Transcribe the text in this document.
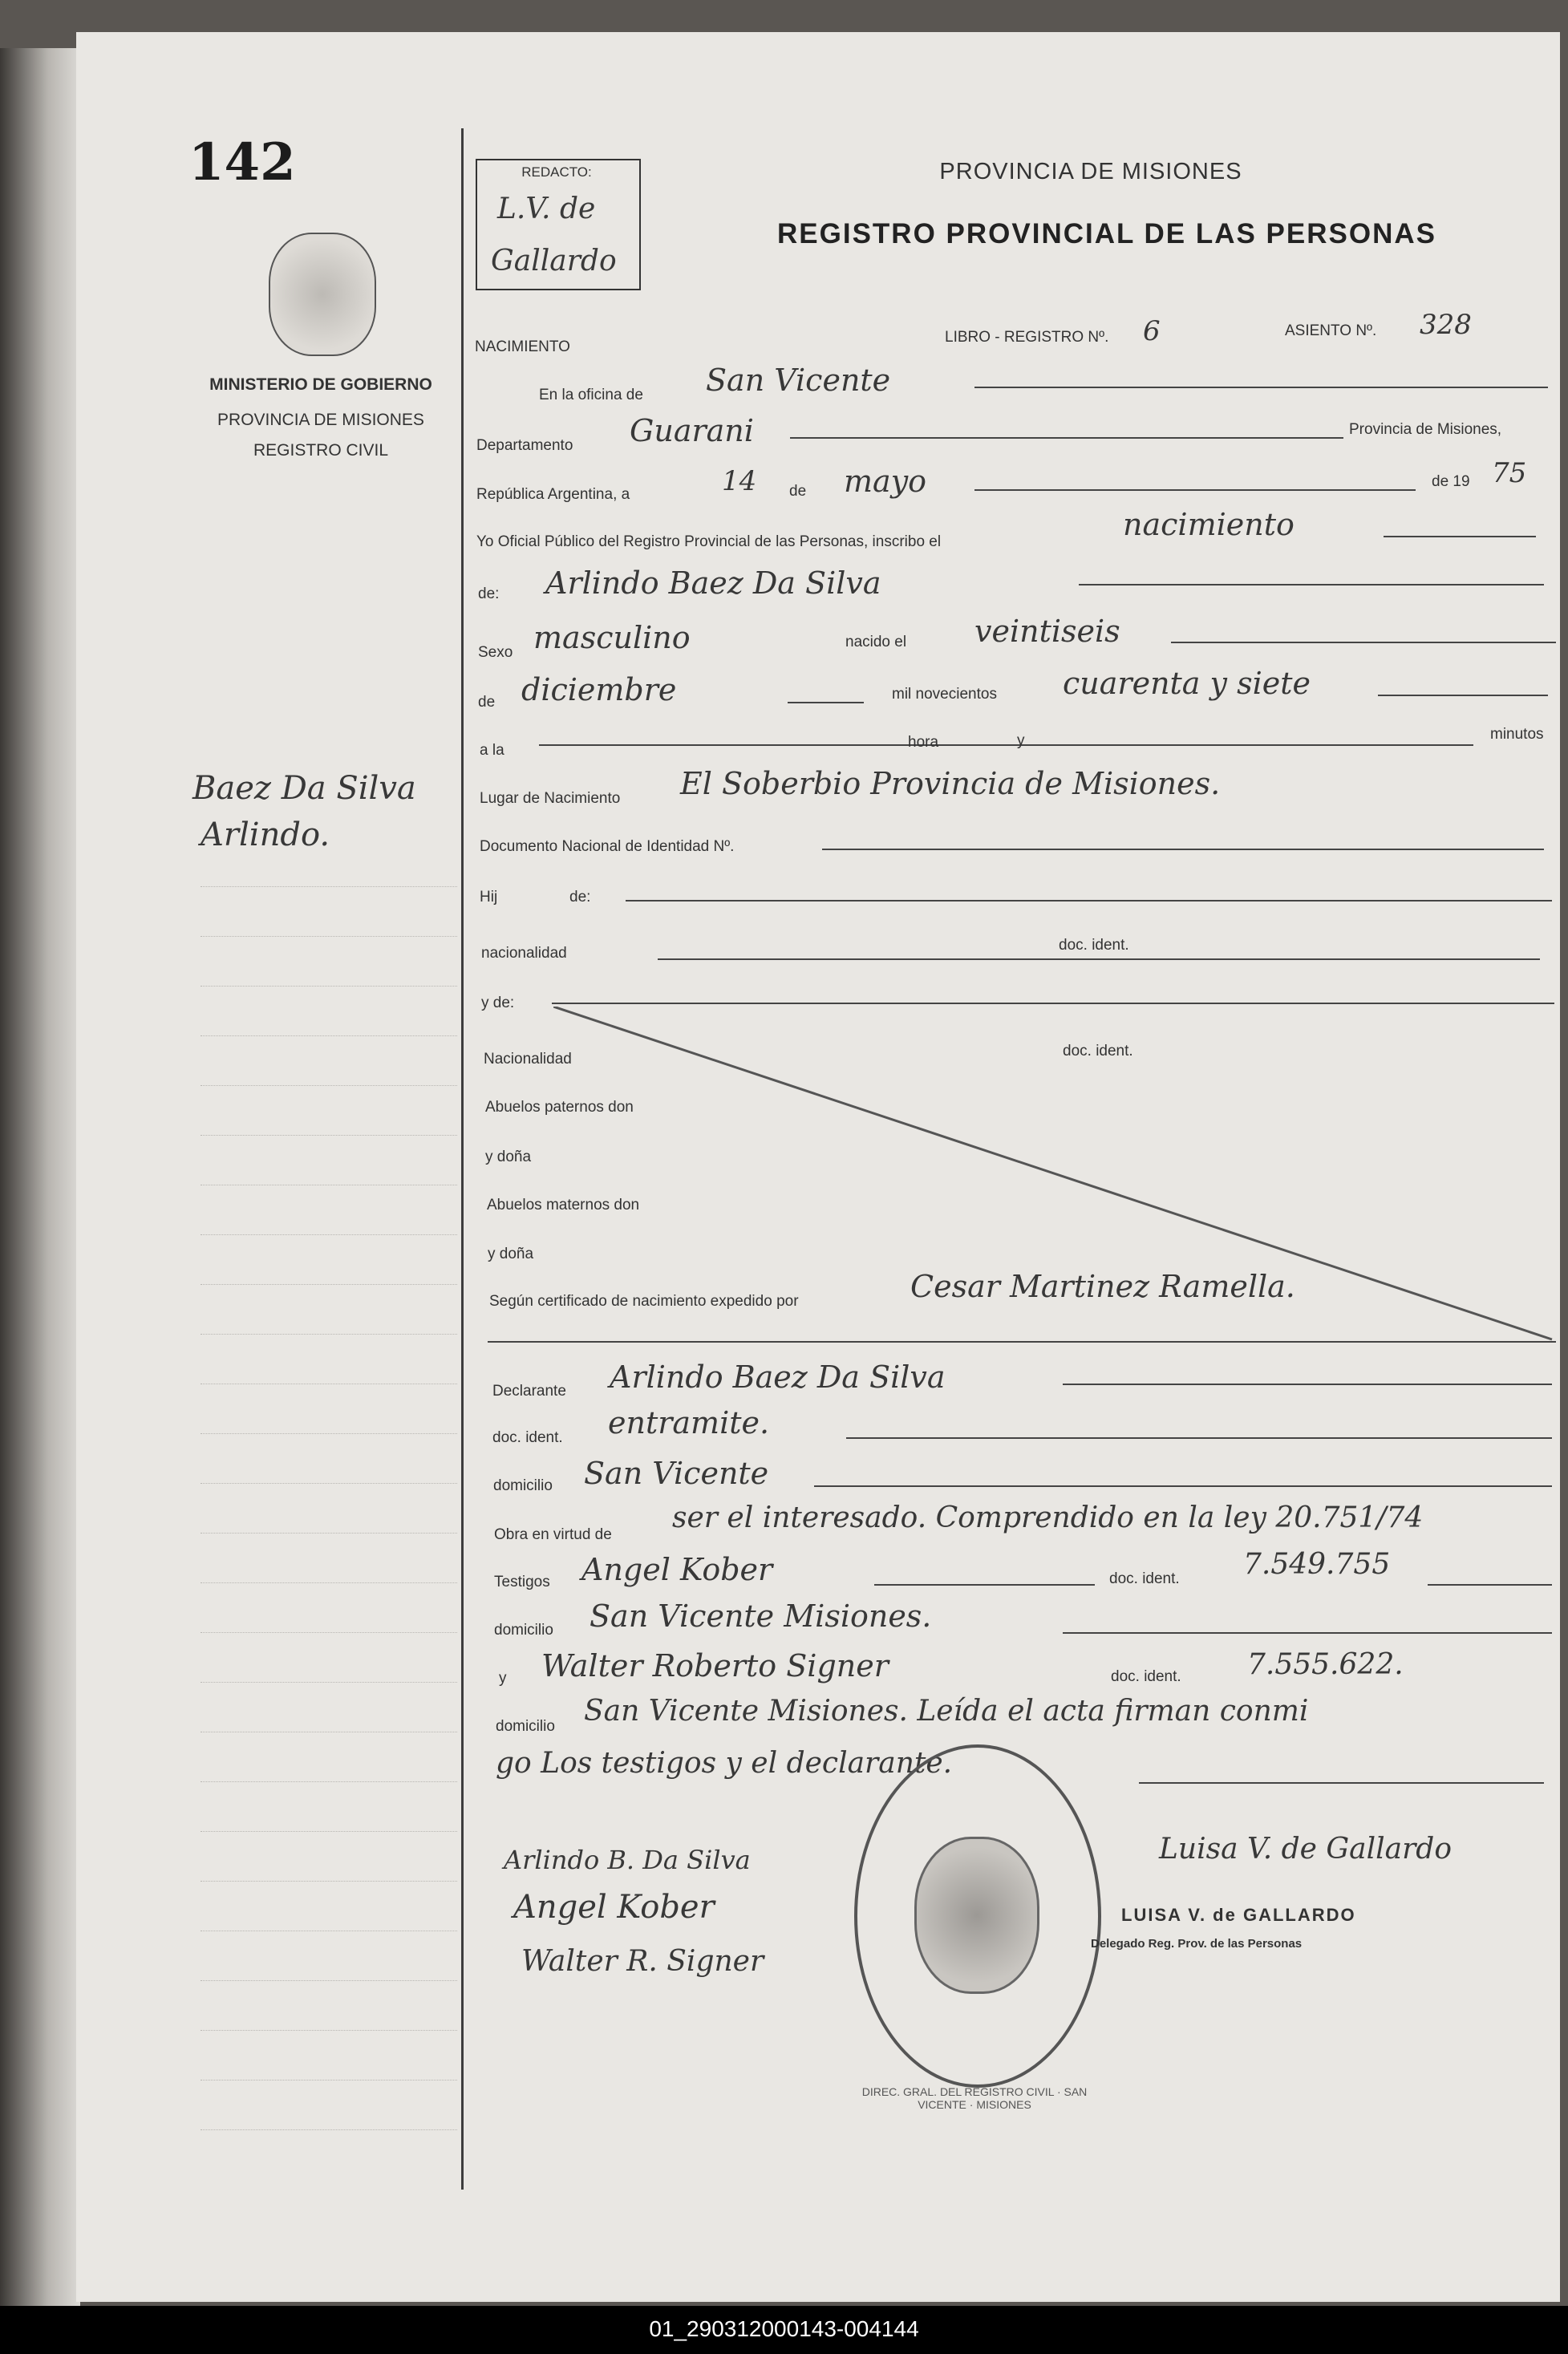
142
MINISTERIO DE GOBIERNO
PROVINCIA DE MISIONES
REGISTRO CIVIL
REDACTO:
L.V. de
Gallardo
PROVINCIA DE MISIONES
REGISTRO PROVINCIAL DE LAS PERSONAS
LIBRO - REGISTRO Nº. 6	ASIENTO Nº. 328
NACIMIENTO
Baez Da Silva
Arlindo.
En la oficina de San Vicente
Departamento Guarani	Provincia de Misiones,
República Argentina, a	14 de mayo	de 19 75
Yo Oficial Público del Registro Provincial de las Personas, inscribo el	nacimiento
de: Arlindo Baez Da Silva
Sexo masculino	nacido el veintiseis
de diciembre	mil novecientos cuarenta y siete
a la	hora	y	minutos
Lugar de Nacimiento El Soberbio Provincia de Misiones.
Documento Nacional de Identidad Nº.
Hij	de:
nacionalidad	doc. ident.
y de:
Nacionalidad	doc. ident.
Abuelos paternos don
y doña
Abuelos maternos don
y doña
Según certificado de nacimiento expedido por	Cesar Martinez Ramella.
Declarante Arlindo Baez Da Silva
doc. ident. entramite.
domicilio San Vicente
Obra en virtud de
ser el interesado. Comprendido en la ley 20.751/74
Testigos Angel Kober	doc. ident. 7.549.755
domicilio San Vicente Misiones.
y Walter Roberto Signer	doc. ident. 7.555.622.
domicilio San Vicente Misiones. Leída el acta firman conmi
go Los testigos y el declarante.
DIREC. GRAL. DEL REGISTRO CIVIL · SAN VICENTE · MISIONES
Arlindo B. Da Silva
Angel Kober
Walter R. Signer
Luisa V. de Gallardo
LUISA V. de GALLARDO
Delegado Reg. Prov. de las Personas
01_290312000143-004144
